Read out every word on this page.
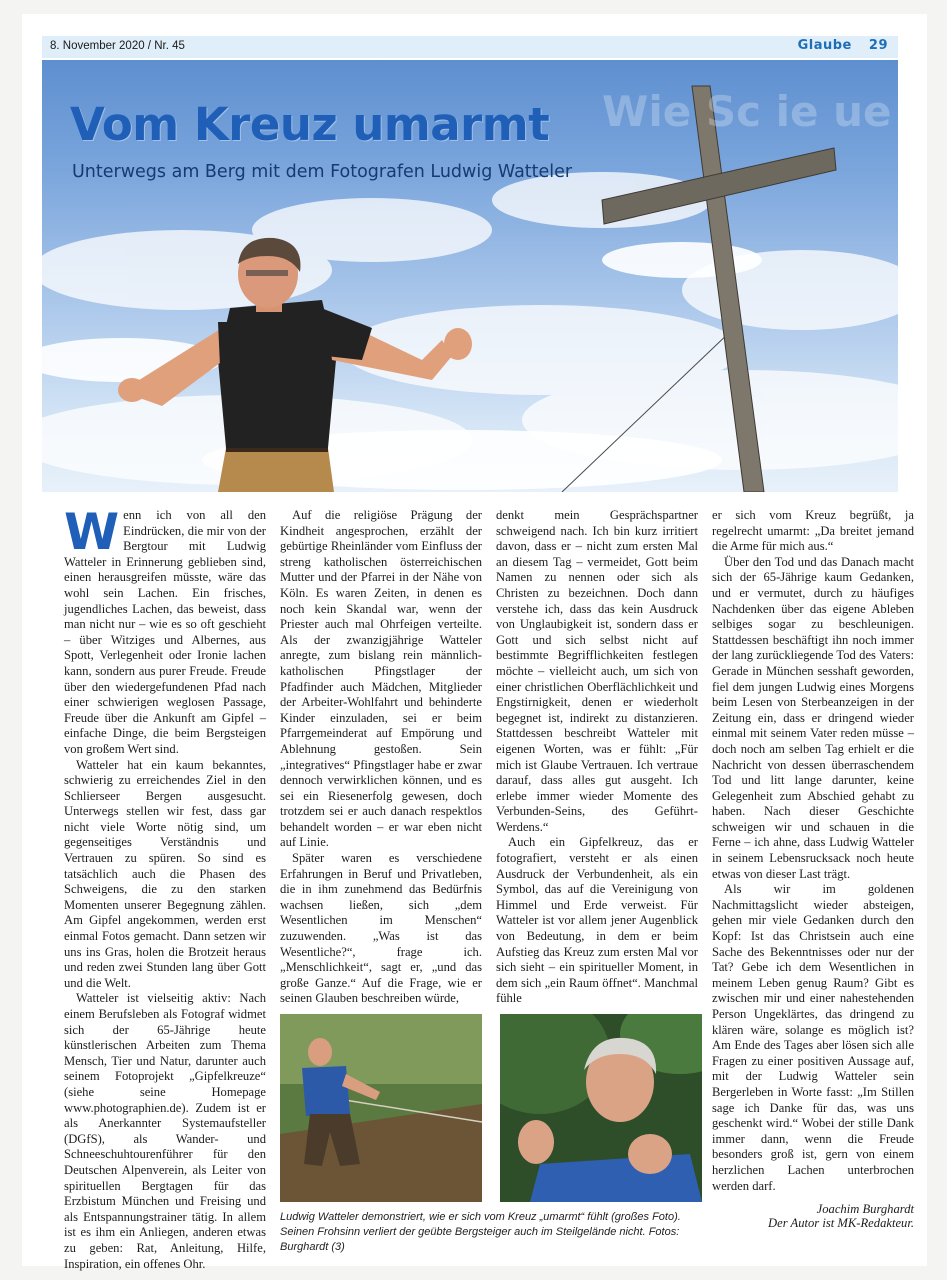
8. November 2020 / Nr. 45	Glaube 29
Wie Sc ie ue
Vom Kreuz umarmt

Unterwegs am Berg mit dem Fotografen Ludwig Watteler

Wenn ich von all den Eindrücken, die mir von der Bergtour mit Ludwig Watteler in Erinnerung geblieben sind, einen herausgreifen müsste, wäre das wohl sein Lachen. Ein frisches, jugendliches Lachen, das beweist, dass man nicht nur – wie es so oft geschieht – über Witziges und Albernes, aus Spott, Verlegenheit oder Ironie lachen kann, sondern aus purer Freude. Freude über den wiedergefundenen Pfad nach einer schwierigen weglosen Passage, Freude über die Ankunft am Gipfel – einfache Dinge, die beim Bergsteigen von großem Wert sind.

Watteler hat ein kaum bekanntes, schwierig zu erreichendes Ziel in den Schlierseer Bergen ausgesucht. Unterwegs stellen wir fest, dass gar nicht viele Worte nötig sind, um gegenseitiges Verständnis und Vertrauen zu spüren. So sind es tatsächlich auch die Phasen des Schweigens, die zu den starken Momenten unserer Begegnung zählen. Am Gipfel angekommen, werden erst einmal Fotos gemacht. Dann setzen wir uns ins Gras, holen die Brotzeit heraus und reden zwei Stunden lang über Gott und die Welt.

Watteler ist vielseitig aktiv: Nach einem Berufsleben als Fotograf widmet sich der 65-Jährige heute künstlerischen Arbeiten zum Thema Mensch, Tier und Natur, darunter auch seinem Fotoprojekt „Gipfelkreuze“ (siehe seine Homepage www.photographien.de). Zudem ist er als Anerkannter Systemaufsteller (DGfS), als Wander- und Schneeschuhtourenführer für den Deutschen Alpenverein, als Leiter von spirituellen Bergtagen für das Erzbistum München und Freising und als Entspannungstrainer tätig. In allem ist es ihm ein Anliegen, anderen etwas zu geben: Rat, Anleitung, Hilfe, Inspiration, ein offenes Ohr.

Auf die religiöse Prägung der Kindheit angesprochen, erzählt der gebürtige Rheinländer vom Einfluss der streng katholischen österreichischen Mutter und der Pfarrei in der Nähe von Köln. Es waren Zeiten, in denen es noch kein Skandal war, wenn der Priester auch mal Ohrfeigen verteilte. Als der zwanzigjährige Watteler anregte, zum bislang rein männlich-katholischen Pfingstlager der Pfadfinder auch Mädchen, Mitglieder der Arbeiter-Wohlfahrt und behinderte Kinder einzuladen, sei er beim Pfarrgemeinderat auf Empörung und Ablehnung gestoßen. Sein „integratives“ Pfingstlager habe er zwar dennoch verwirklichen können, und es sei ein Riesenerfolg gewesen, doch trotzdem sei er auch danach respektlos behandelt worden – er war eben nicht auf Linie.

Später waren es verschiedene Erfahrungen in Beruf und Privatleben, die in ihm zunehmend das Bedürfnis wachsen ließen, sich „dem Wesentlichen im Menschen“ zuzuwenden. „Was ist das Wesentliche?“, frage ich. „Menschlichkeit“, sagt er, „und das große Ganze.“ Auf die Frage, wie er seinen Glauben beschreiben würde,

denkt mein Gesprächspartner schweigend nach. Ich bin kurz irritiert davon, dass er – nicht zum ersten Mal an diesem Tag – vermeidet, Gott beim Namen zu nennen oder sich als Christen zu bezeichnen. Doch dann verstehe ich, dass das kein Ausdruck von Unglaubigkeit ist, sondern dass er Gott und sich selbst nicht auf bestimmte Begrifflichkeiten festlegen möchte – vielleicht auch, um sich von einer christlichen Oberflächlichkeit und Engstirnigkeit, denen er wiederholt begegnet ist, indirekt zu distanzieren. Stattdessen beschreibt Watteler mit eigenen Worten, was er fühlt: „Für mich ist Glaube Vertrauen. Ich vertraue darauf, dass alles gut ausgeht. Ich erlebe immer wieder Momente des Verbunden-Seins, des Geführt-Werdens.“

Auch ein Gipfelkreuz, das er fotografiert, versteht er als einen Ausdruck der Verbundenheit, als ein Symbol, das auf die Vereinigung von Himmel und Erde verweist. Für Watteler ist vor allem jener Augenblick von Bedeutung, in dem er beim Aufstieg das Kreuz zum ersten Mal vor sich sieht – ein spiritueller Moment, in dem sich „ein Raum öffnet“. Manchmal fühle

er sich vom Kreuz begrüßt, ja regelrecht umarmt: „Da breitet jemand die Arme für mich aus.“

Über den Tod und das Danach macht sich der 65-Jährige kaum Gedanken, und er vermutet, durch zu häufiges Nachdenken über das eigene Ableben selbiges sogar zu beschleunigen. Stattdessen beschäftigt ihn noch immer der lang zurückliegende Tod des Vaters: Gerade in München sesshaft geworden, fiel dem jungen Ludwig eines Morgens beim Lesen von Sterbeanzeigen in der Zeitung ein, dass er dringend wieder einmal mit seinem Vater reden müsse – doch noch am selben Tag erhielt er die Nachricht von dessen überraschendem Tod und litt lange darunter, keine Gelegenheit zum Abschied gehabt zu haben. Nach dieser Geschichte schweigen wir und schauen in die Ferne – ich ahne, dass Ludwig Watteler in seinem Lebensrucksack noch heute etwas von dieser Last trägt.

Als wir im goldenen Nachmittagslicht wieder absteigen, gehen mir viele Gedanken durch den Kopf: Ist das Christsein auch eine Sache des Bekenntnisses oder nur der Tat? Gebe ich dem Wesentlichen in meinem Leben genug Raum? Gibt es zwischen mir und einer nahestehenden Person Ungeklärtes, das dringend zu klären wäre, solange es möglich ist? Am Ende des Tages aber lösen sich alle Fragen zu einer positiven Aussage auf, mit der Ludwig Watteler sein Bergerleben in Worte fasst: „Im Stillen sage ich Danke für das, was uns geschenkt wird.“ Wobei der stille Dank immer dann, wenn die Freude besonders groß ist, gern von einem herzlichen Lachen unterbrochen werden darf.

Joachim Burghardt
Der Autor ist MK-Redakteur.
Ludwig Watteler demonstriert, wie er sich vom Kreuz „umarmt“ fühlt (großes Foto). Seinen Frohsinn verliert der geübte Bergsteiger auch im Steilgelände nicht. Fotos: Burghardt (3)
